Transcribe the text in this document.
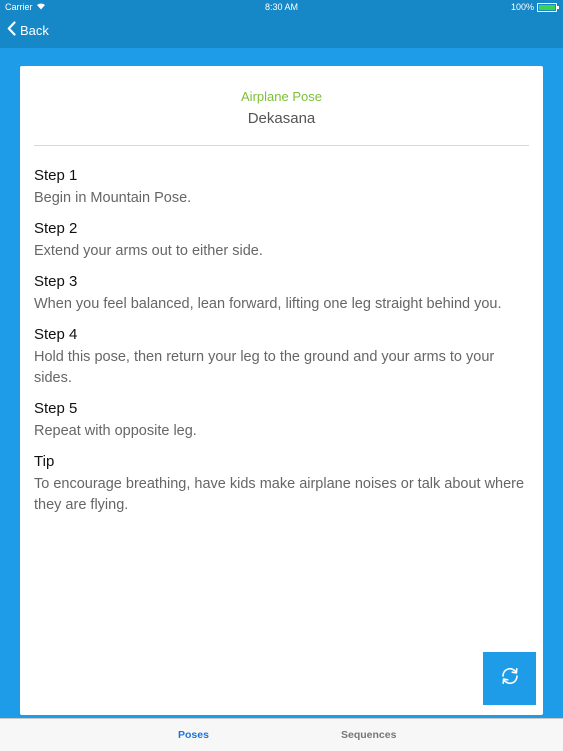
Carrier	8:30 AM	100%
Back
Airplane Pose
Dekasana
Step 1
Begin in Mountain Pose.
Step 2
Extend your arms out to either side.
Step 3
When you feel balanced, lean forward, lifting one leg straight behind you.
Step 4
Hold this pose, then return your leg to the ground and your arms to your sides.
Step 5
Repeat with opposite leg.
Tip
To encourage breathing, have kids make airplane noises or talk about where they are flying.
Poses	Sequences
